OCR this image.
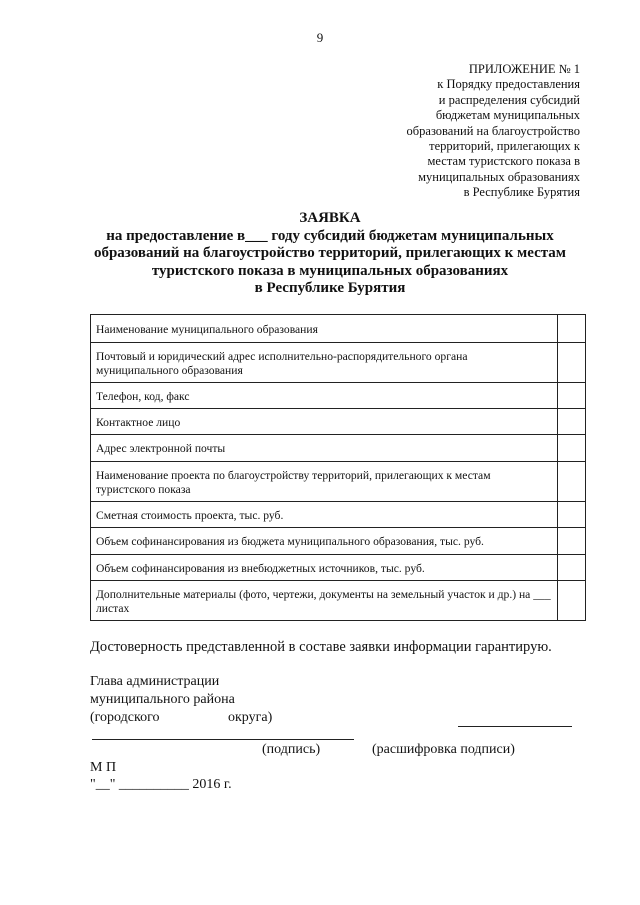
9
ПРИЛОЖЕНИЕ № 1
к Порядку предоставления
и распределения субсидий
бюджетам муниципальных
образований на благоустройство
территорий, прилегающих к
местам туристского показа в
муниципальных образованиях
в Республике Бурятия
ЗАЯВКА
на предоставление в___ году субсидий бюджетам муниципальных
образований на благоустройство территорий, прилегающих к местам
туристского показа в муниципальных образованиях
в Республике Бурятия
Наименование муниципального образования	
Почтовый и юридический адрес исполнительно-распорядительного органа муниципального образования	
Телефон, код, факс	
Контактное лицо	
Адрес электронной почты	
Наименование проекта по благоустройству территорий, прилегающих к местам туристского показа	
Сметная стоимость проекта, тыс. руб.	
Объем софинансирования из бюджета муниципального образования, тыс. руб.	
Объем софинансирования из внебюджетных источников, тыс. руб.	
Дополнительные материалы (фото, чертежи, документы на земельный участок и др.) на ___ листах	
Достоверность представленной в составе заявки информации гарантирую.
Глава администрации
муниципального района
(городского	округа)
(подпись)	(расшифровка подписи)
М П
"__" __________ 2016 г.
